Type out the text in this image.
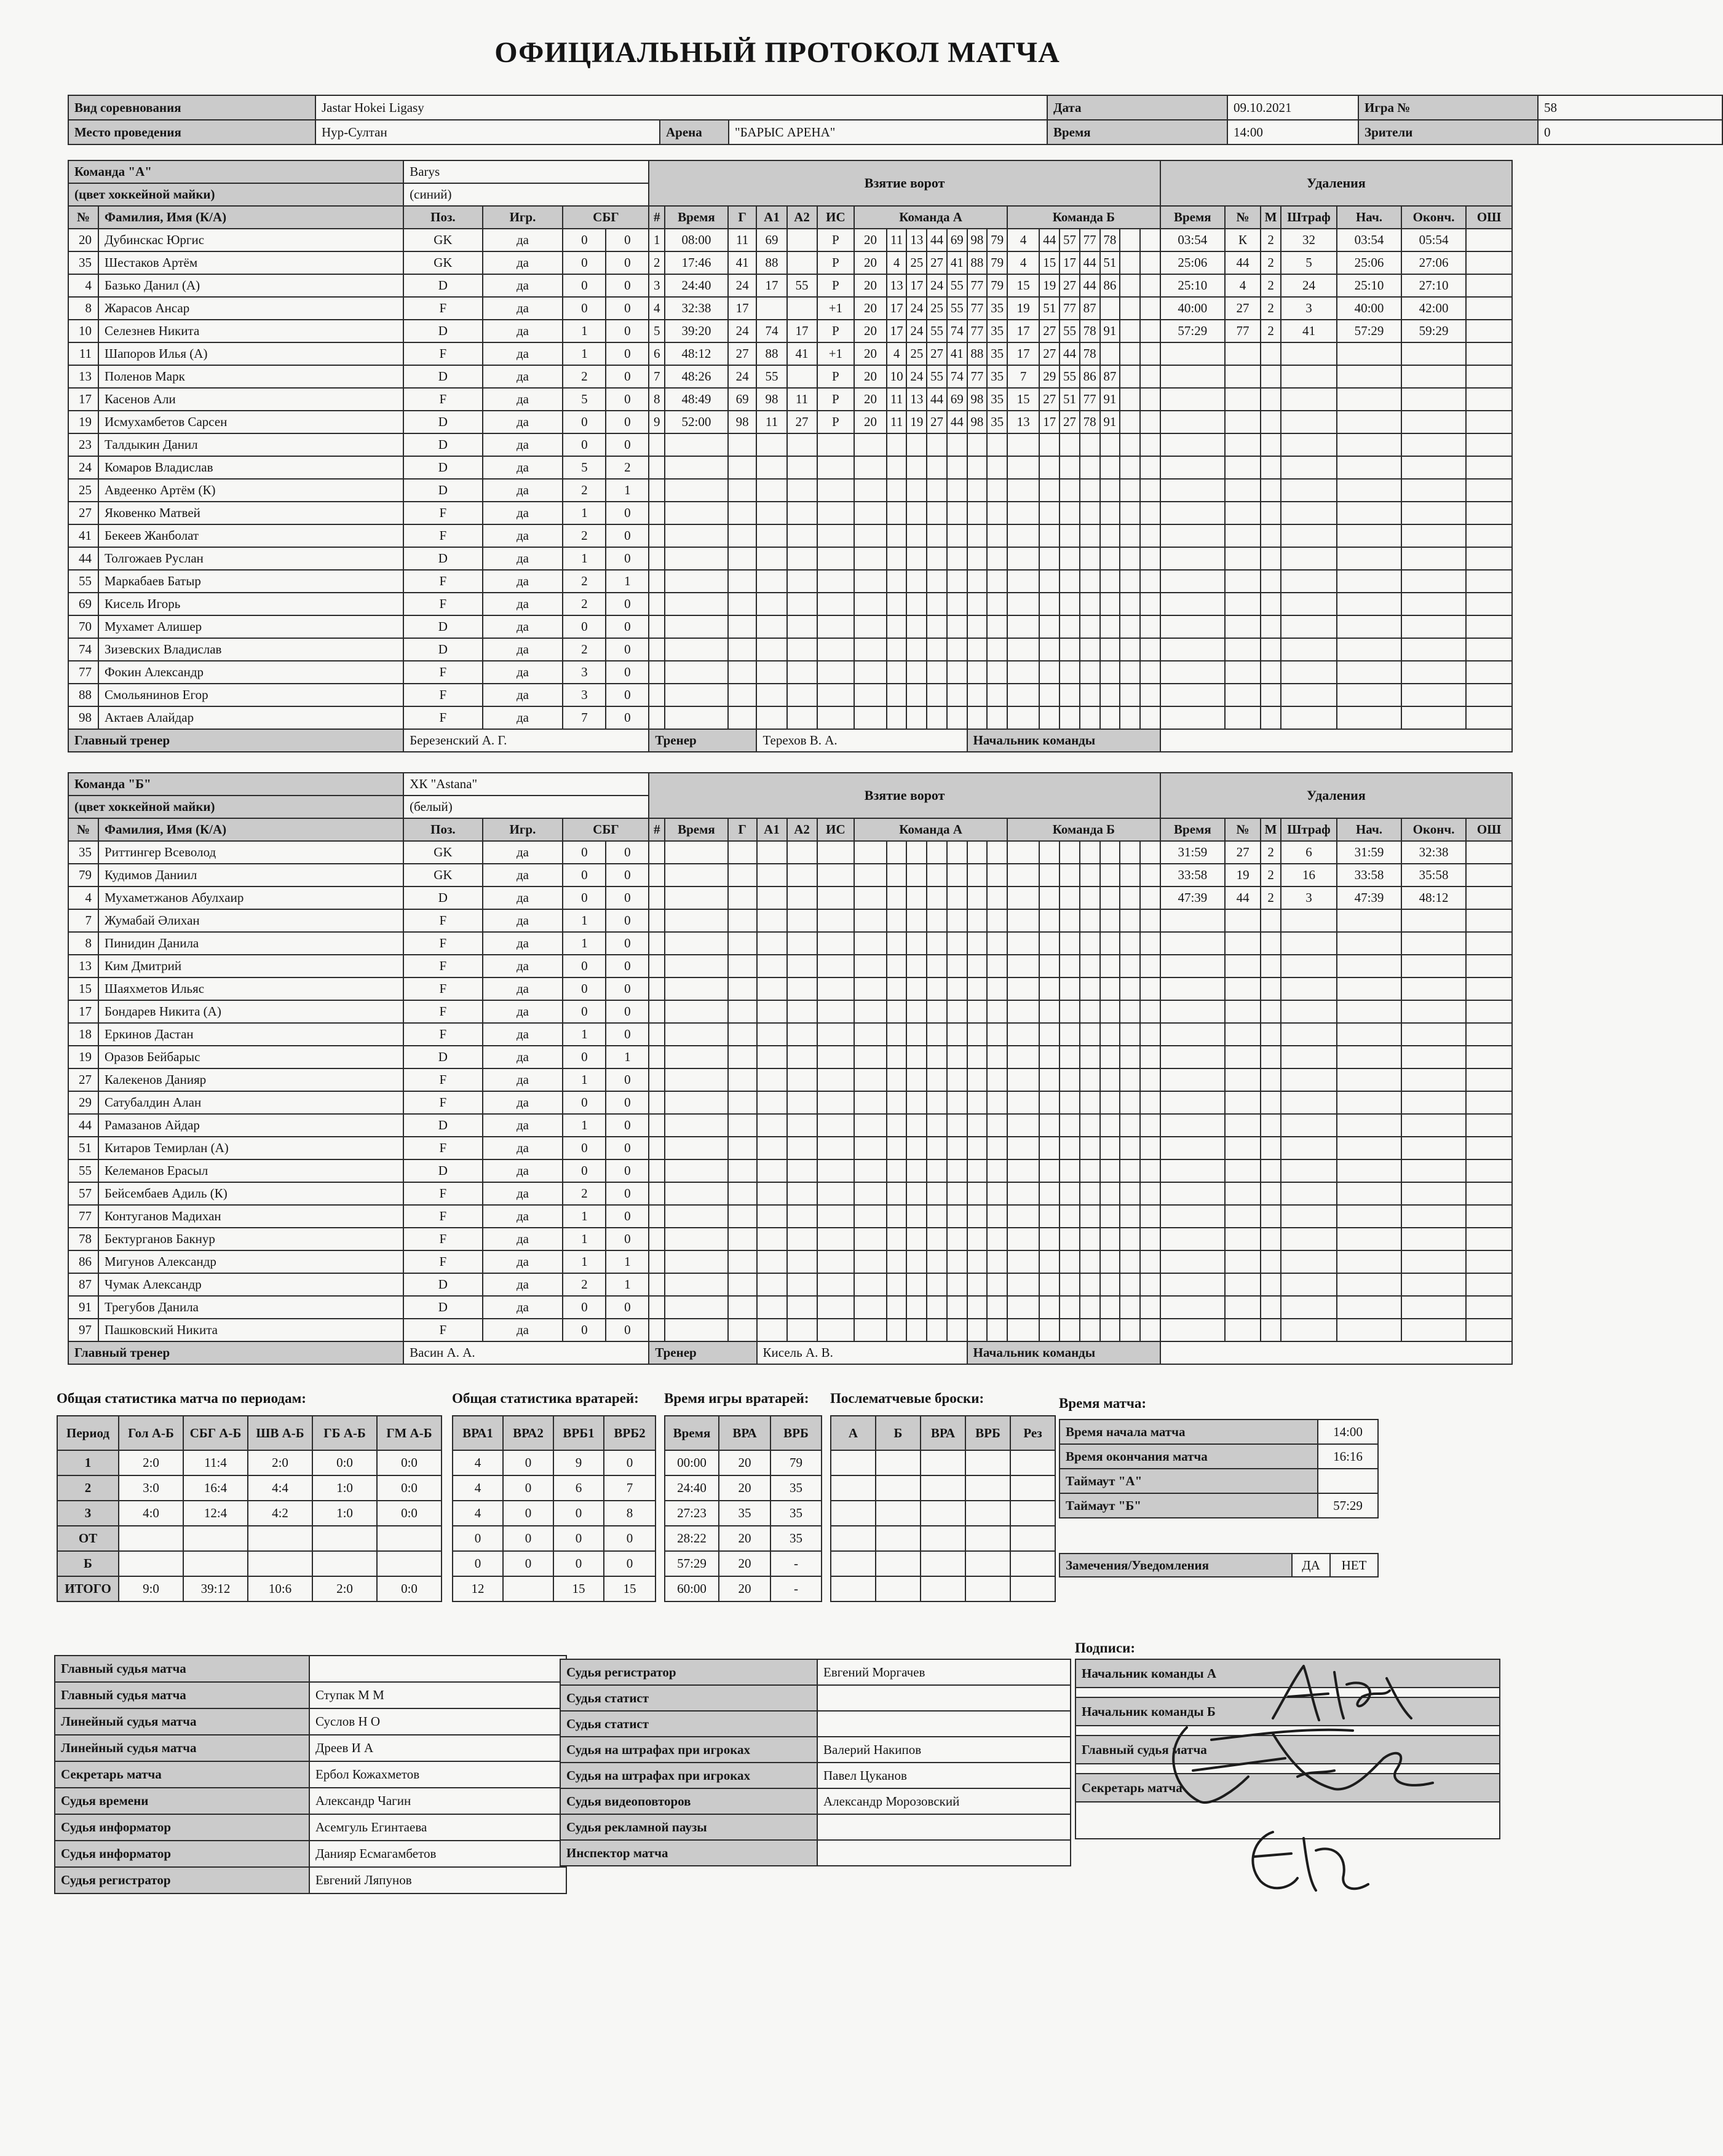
ОФИЦИАЛЬНЫЙ ПРОТОКОЛ МАТЧА
Вид соревнования	Jastar Hokei Ligasy			Дата	09.10.2021	Игра №	58
Место проведения	Нур-Султан	Арена	"БАРЫС АРЕНА"	Время	14:00	Зрители	0
Команда "А"		Barys				Взятие ворот																				Удаления						
(цвет хоккейной майки)		(синий)																														
№	Фамилия, Имя (К/А)	Поз.	Игр.	СБГ		#	Время	Г	А1	А2	ИС	Команда А							Команда Б							Время	№	М	Штраф	Нач.	Оконч.	ОШ
20	Дубинскас Юргис	GK	да	0	0	1	08:00	11	69		P	20	11	13	44	69	98	79	4	44	57	77	78			03:54	К	2	32	03:54	05:54	
35	Шестаков Артём	GK	да	0	0	2	17:46	41	88		P	20	4	25	27	41	88	79	4	15	17	44	51			25:06	44	2	5	25:06	27:06	
4	Базько Данил (А)	D	да	0	0	3	24:40	24	17	55	P	20	13	17	24	55	77	79	15	19	27	44	86			25:10	4	2	24	25:10	27:10	
8	Жарасов Ансар	F	да	0	0	4	32:38	17			+1	20	17	24	25	55	77	35	19	51	77	87				40:00	27	2	3	40:00	42:00	
10	Селезнев Никита	D	да	1	0	5	39:20	24	74	17	P	20	17	24	55	74	77	35	17	27	55	78	91			57:29	77	2	41	57:29	59:29	
11	Шапоров Илья (А)	F	да	1	0	6	48:12	27	88	41	+1	20	4	25	27	41	88	35	17	27	44	78										
13	Поленов Марк	D	да	2	0	7	48:26	24	55		P	20	10	24	55	74	77	35	7	29	55	86	87									
17	Касенов Али	F	да	5	0	8	48:49	69	98	11	P	20	11	13	44	69	98	35	15	27	51	77	91									
19	Исмухамбетов Сарсен	D	да	0	0	9	52:00	98	11	27	P	20	11	19	27	44	98	35	13	17	27	78	91									
23	Талдыкин Данил	D	да	0	0																											
24	Комаров Владислав	D	да	5	2																											
25	Авдеенко Артём (К)	D	да	2	1																											
27	Яковенко Матвей	F	да	1	0																											
41	Бекеев Жанболат	F	да	2	0																											
44	Толгожаев Руслан	D	да	1	0																											
55	Маркабаев Батыр	F	да	2	1																											
69	Кисель Игорь	F	да	2	0																											
70	Мухамет Алишер	D	да	0	0																											
74	Зизевских Владислав	D	да	2	0																											
77	Фокин Александр	F	да	3	0																											
88	Смольянинов Егор	F	да	3	0																											
98	Актаев Алайдар	F	да	7	0																											
Главный тренер		Березенский А. Г.				Тренер			Терехов В. А.								Начальник команды															
Команда "Б"		ХК "Astana"				Взятие ворот																				Удаления						
(цвет хоккейной майки)		(белый)																														
№	Фамилия, Имя (К/А)	Поз.	Игр.	СБГ		#	Время	Г	А1	А2	ИС	Команда А							Команда Б							Время	№	М	Штраф	Нач.	Оконч.	ОШ
35	Риттингер Всеволод	GK	да	0	0																					31:59	27	2	6	31:59	32:38	
79	Кудимов Даниил	GK	да	0	0																					33:58	19	2	16	33:58	35:58	
4	Мухаметжанов Абулхаир	D	да	0	0																					47:39	44	2	3	47:39	48:12	
7	Жумабай Әлихан	F	да	1	0																											
8	Пинидин Данила	F	да	1	0																											
13	Ким Дмитрий	F	да	0	0																											
15	Шаяхметов Ильяс	F	да	0	0																											
17	Бондарев Никита (А)	F	да	0	0																											
18	Еркинов Дастан	F	да	1	0																											
19	Оразов Бейбарыс	D	да	0	1																											
27	Калекенов Данияр	F	да	1	0																											
29	Сатубалдин Алан	F	да	0	0																											
44	Рамазанов Айдар	D	да	1	0																											
51	Китаров Темирлан (А)	F	да	0	0																											
55	Келеманов Ерасыл	D	да	0	0																											
57	Бейсембаев Адиль (К)	F	да	2	0																											
77	Контуганов Мадихан	F	да	1	0																											
78	Бектурганов Бакнур	F	да	1	0																											
86	Мигунов Александр	F	да	1	1																											
87	Чумак Александр	D	да	2	1																											
91	Трегубов Данила	D	да	0	0																											
97	Пашковский Никита	F	да	0	0																											
Главный тренер		Васин А. А.				Тренер			Кисель А. В.								Начальник команды															
Общая статистика матча по периодам:
Период	Гол А-Б	СБГ А-Б	ШВ А-Б	ГБ А-Б	ГМ А-Б
1	2:0	11:4	2:0	0:0	0:0
2	3:0	16:4	4:4	1:0	0:0
3	4:0	12:4	4:2	1:0	0:0
ОТ					
Б					
ИТОГО	9:0	39:12	10:6	2:0	0:0
Общая статистика вратарей:
ВРА1	ВРА2	ВРБ1	ВРБ2
4	0	9	0
4	0	6	7
4	0	0	8
0	0	0	0
0	0	0	0
12		15	15
Время игры вратарей:
Время	ВРА	ВРБ
00:00	20	79
24:40	20	35
27:23	35	35
28:22	20	35
57:29	20	-
60:00	20	-
Послематчевые броски:
А	Б	ВРА	ВРБ	Рез

Время матча:
Время начала матча	14:00
Время окончания матча	16:16
Таймаут "А"	
Таймаут "Б"	57:29
Замечения/Уведомления	ДА	НЕТ
Главный судья матча	
Главный судья матча	Ступак М М
Линейный судья матча	Суслов Н О
Линейный судья матча	Дреев И А
Секретарь матча	Ербол Кожахметов
Судья времени	Александр Чагин
Судья информатор	Асемгуль Егинтаева
Судья информатор	Данияр Есмагамбетов
Судья регистратор	Евгений Ляпунов
Судья регистратор	Евгений Моргачев
Судья статист	
Судья статист	
Судья на штрафах при игроках	Валерий Накипов
Судья на штрафах при игроках	Павел Цуканов
Судья видеоповторов	Александр Морозовский
Судья рекламной паузы	
Инспектор матча	
Подписи:
Начальник команды А

Начальник команды Б

Главный судья матча

Секретарь матча
